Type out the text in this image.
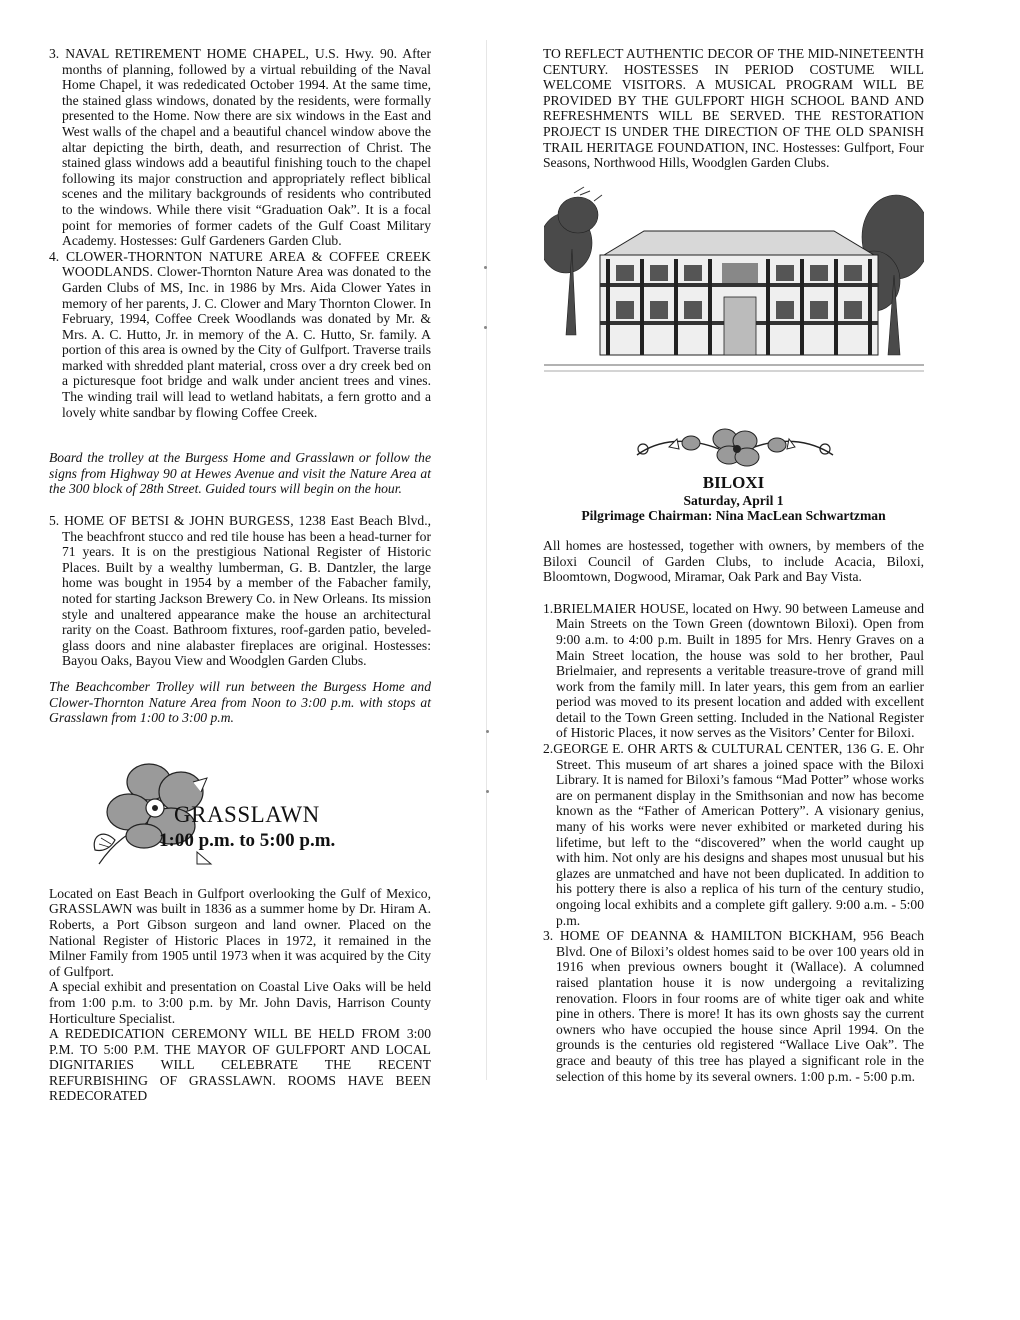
3. NAVAL RETIREMENT HOME CHAPEL, U.S. Hwy. 90. After months of planning, followed by a virtual rebuilding of the Naval Home Chapel, it was rededicated October 1994. At the same time, the stained glass windows, donated by the residents, were formally presented to the Home. Now there are six windows in the East and West walls of the chapel and a beautiful chancel window above the altar depicting the birth, death, and resurrection of Christ. The stained glass windows add a beautiful finishing touch to the chapel following its major construction and appropriately reflect biblical scenes and the military backgrounds of residents who contributed to the windows. While there visit “Graduation Oak”. It is a focal point for memories of former cadets of the Gulf Coast Military Academy. Hostesses: Gulf Gardeners Garden Club.

4. CLOWER-THORNTON NATURE AREA & COFFEE CREEK WOODLANDS. Clower-Thornton Nature Area was donated to the Garden Clubs of MS, Inc. in 1986 by Mrs. Aida Clower Yates in memory of her parents, J. C. Clower and Mary Thornton Clower. In February, 1994, Coffee Creek Woodlands was donated by Mr. & Mrs. A. C. Hutto, Jr. in memory of the A. C. Hutto, Sr. family. A portion of this area is owned by the City of Gulfport. Traverse trails marked with shredded plant material, cross over a dry creek bed on a picturesque foot bridge and walk under ancient trees and vines. The winding trail will lead to wetland habitats, a fern grotto and a lovely white sandbar by flowing Coffee Creek.

Board the trolley at the Burgess Home and Grasslawn or follow the signs from Highway 90 at Hewes Avenue and visit the Nature Area at the 300 block of 28th Street. Guided tours will begin on the hour.

5. HOME OF BETSI & JOHN BURGESS, 1238 East Beach Blvd., The beachfront stucco and red tile house has been a head-turner for 71 years. It is on the prestigious National Register of Historic Places. Built by a wealthy lumberman, G. B. Dantzler, the large home was bought in 1954 by a member of the Fabacher family, noted for starting Jackson Brewery Co. in New Orleans. Its mission style and unaltered appearance make the house an architectural rarity on the Coast. Bathroom fixtures, roof-garden patio, beveled-glass doors and nine alabaster fireplaces are original. Hostesses: Bayou Oaks, Bayou View and Woodglen Garden Clubs.

The Beachcomber Trolley will run between the Burgess Home and Clower-Thornton Nature Area from Noon to 3:00 p.m. with stops at Grasslawn from 1:00 to 3:00 p.m.

GRASSLAWN
1:00 p.m. to 5:00 p.m.

Located on East Beach in Gulfport overlooking the Gulf of Mexico, GRASSLAWN was built in 1836 as a summer home by Dr. Hiram A. Roberts, a Port Gibson surgeon and land owner. Placed on the National Register of Historic Places in 1972, it remained in the Milner Family from 1905 until 1973 when it was acquired by the City of Gulfport.

A special exhibit and presentation on Coastal Live Oaks will be held from 1:00 p.m. to 3:00 p.m. by Mr. John Davis, Harrison County Horticulture Specialist.

A REDEDICATION CEREMONY WILL BE HELD FROM 3:00 P.M. TO 5:00 P.M. THE MAYOR OF GULFPORT AND LOCAL DIGNITARIES WILL CELEBRATE THE RECENT REFURBISHING OF GRASSLAWN. ROOMS HAVE BEEN REDECORATED

TO REFLECT AUTHENTIC DECOR OF THE MID-NINETEENTH CENTURY. HOSTESSES IN PERIOD COSTUME WILL WELCOME VISITORS. A MUSICAL PROGRAM WILL BE PROVIDED BY THE GULFPORT HIGH SCHOOL BAND AND REFRESHMENTS WILL BE SERVED. THE RESTORATION PROJECT IS UNDER THE DIRECTION OF THE OLD SPANISH TRAIL HERITAGE FOUNDATION, INC. Hostesses: Gulfport, Four Seasons, Northwood Hills, Woodglen Garden Clubs.

BILOXI
Saturday, April 1
Pilgrimage Chairman: Nina MacLean Schwartzman

All homes are hostessed, together with owners, by members of the Biloxi Council of Garden Clubs, to include Acacia, Biloxi, Bloomtown, Dogwood, Miramar, Oak Park and Bay Vista.

1.BRIELMAIER HOUSE, located on Hwy. 90 between Lameuse and Main Streets on the Town Green (downtown Biloxi). Open from 9:00 a.m. to 4:00 p.m. Built in 1895 for Mrs. Henry Graves on a Main Street location, the house was sold to her brother, Paul Brielmaier, and represents a veritable treasure-trove of grand mill work from the family mill. In later years, this gem from an earlier period was moved to its present location and added with excellent detail to the Town Green setting. Included in the National Register of Historic Places, it now serves as the Visitors’ Center for Biloxi.

2.GEORGE E. OHR ARTS & CULTURAL CENTER, 136 G. E. Ohr Street. This museum of art shares a joined space with the Biloxi Library. It is named for Biloxi’s famous “Mad Potter” whose works are on permanent display in the Smithsonian and now has become known as the “Father of American Pottery”. A visionary genius, many of his works were never exhibited or marketed during his lifetime, but left to the “discovered” when the world caught up with him. Not only are his designs and shapes most unusual but his glazes are unmatched and have not been duplicated. In addition to his pottery there is also a replica of his turn of the century studio, ongoing local exhibits and a complete gift gallery. 9:00 a.m. - 5:00 p.m.

3. HOME OF DEANNA & HAMILTON BICKHAM, 956 Beach Blvd. One of Biloxi’s oldest homes said to be over 100 years old in 1916 when previous owners bought it (Wallace). A columned raised plantation house it is now undergoing a revitalizing renovation. Floors in four rooms are of white tiger oak and white pine in others. There is more! It has its own ghosts say the current owners who have occupied the house since April 1994. On the grounds is the centuries old registered “Wallace Live Oak”. The grace and beauty of this tree has played a significant role in the selection of this home by its several owners. 1:00 p.m. - 5:00 p.m.
